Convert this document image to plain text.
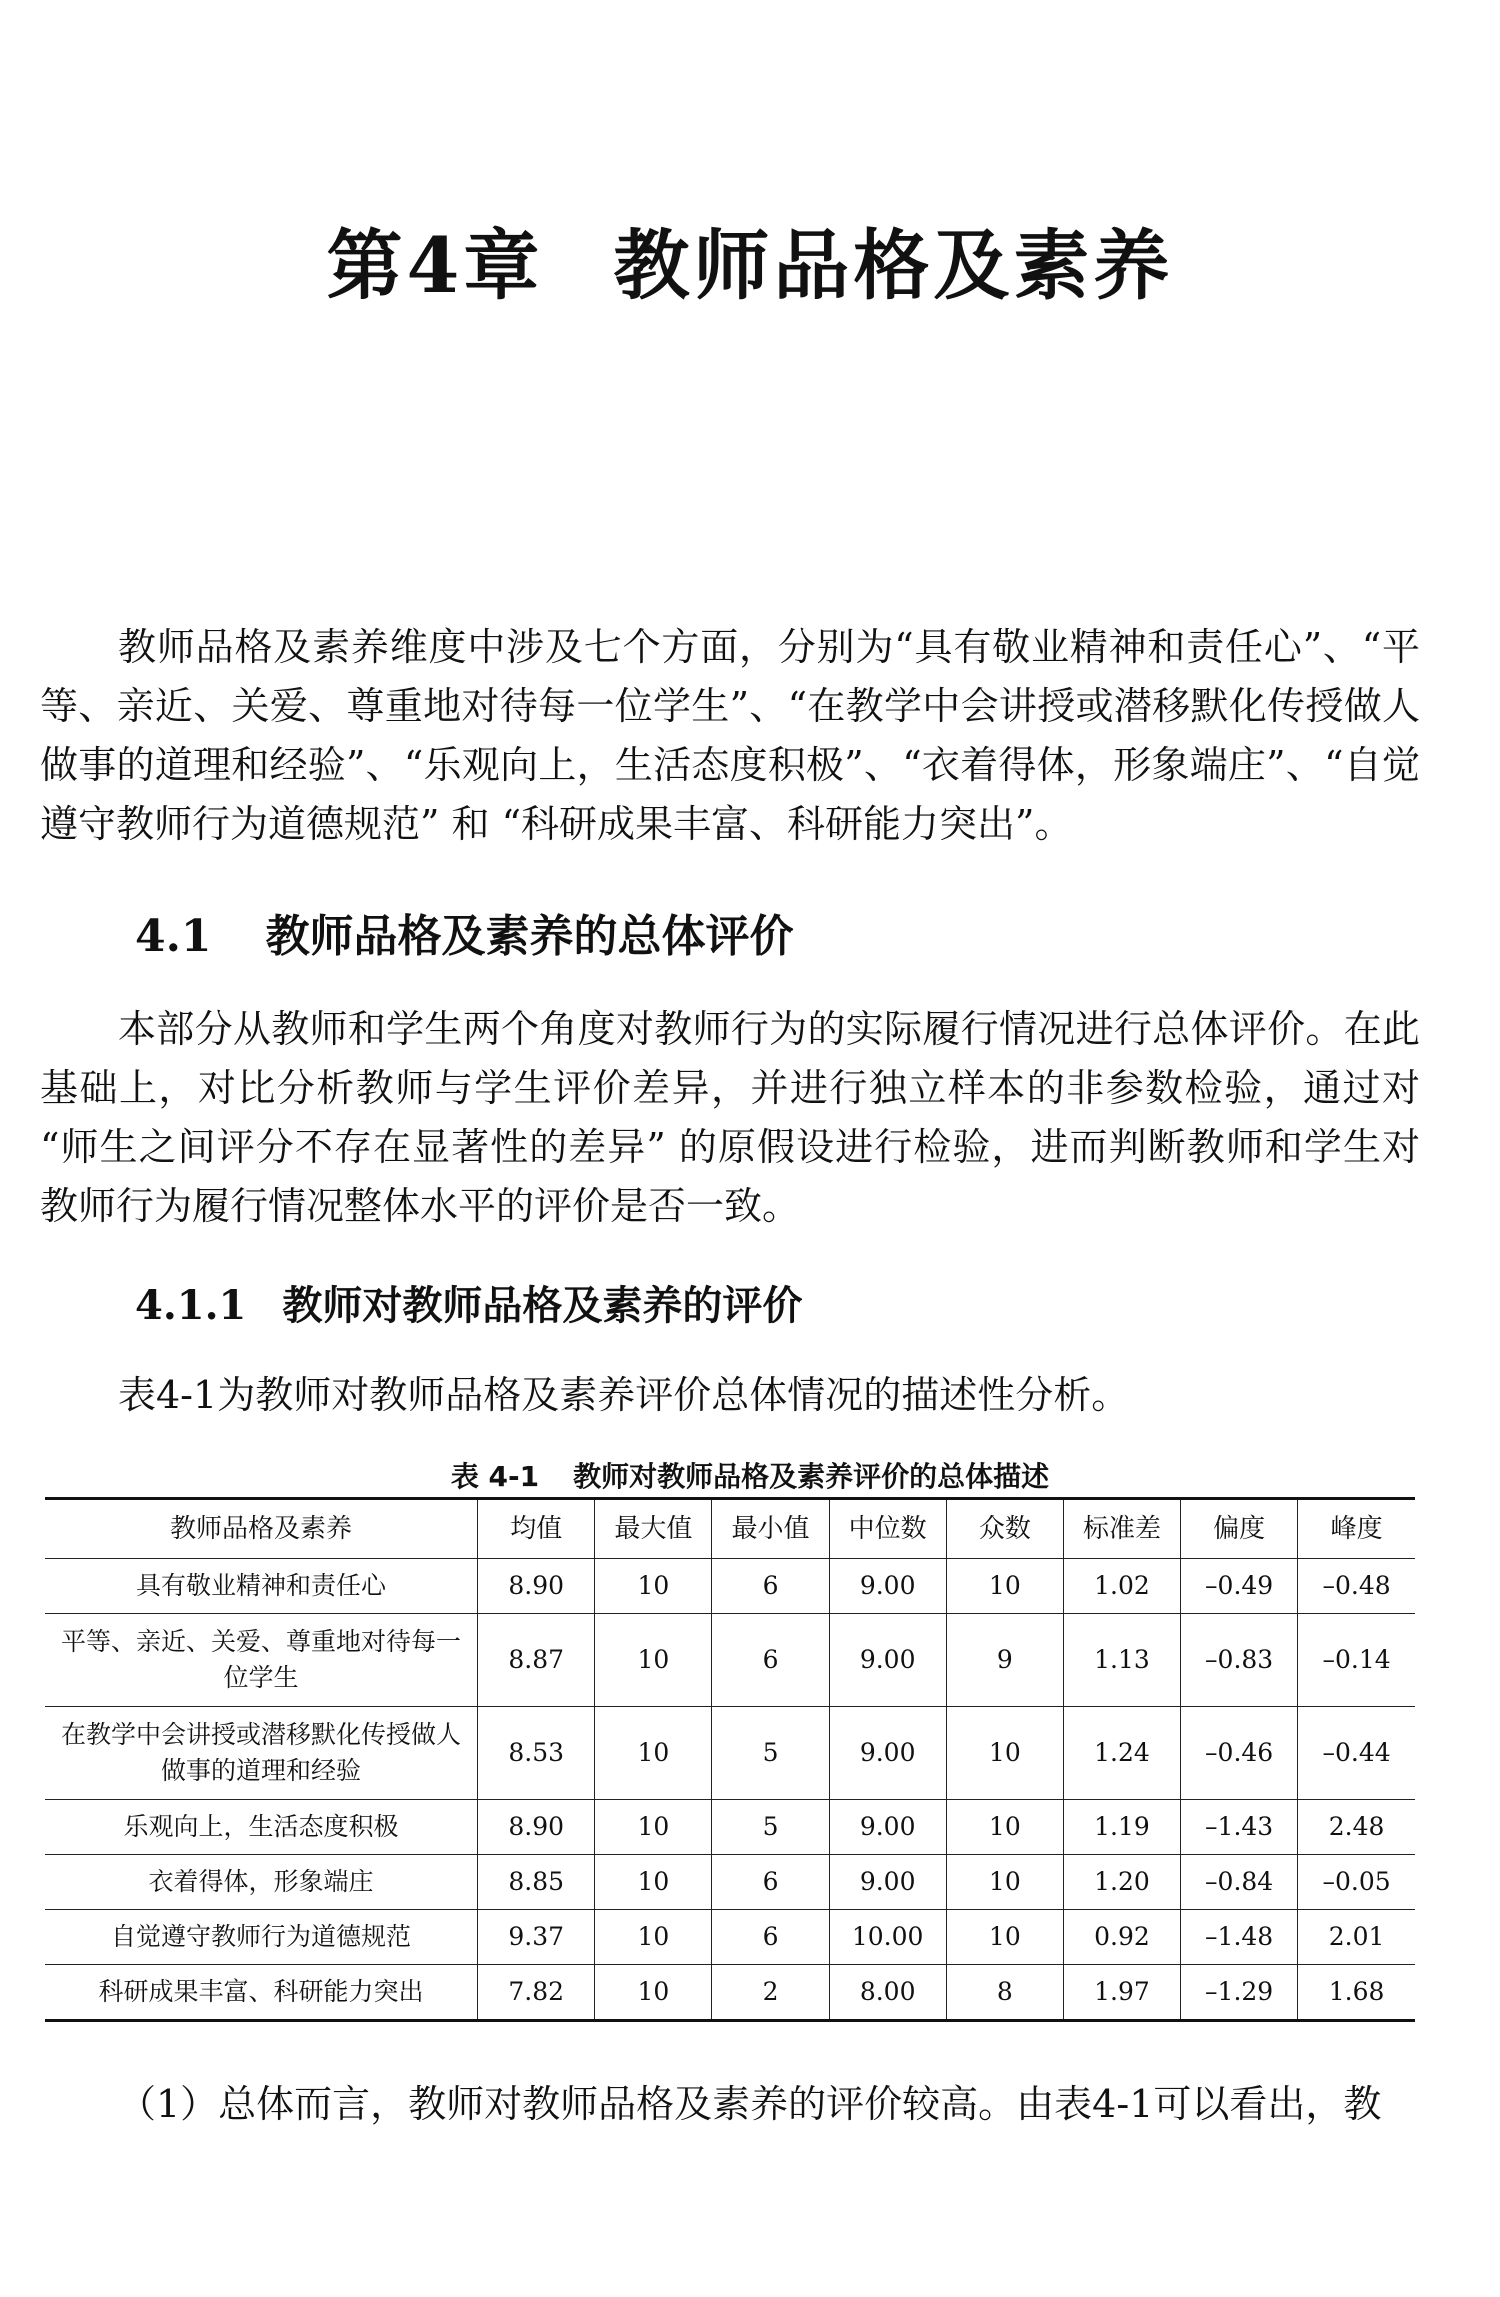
第4章 教师品格及素养

教师品格及素养维度中涉及七个方面，分别为“具有敬业精神和责任心”、“平等、亲近、关爱、尊重地对待每一位学生”、“在教学中会讲授或潜移默化传授做人做事的道理和经验”、“乐观向上，生活态度积极”、“衣着得体，形象端庄”、“自觉遵守教师行为道德规范” 和 “科研成果丰富、科研能力突出”。

4.1 教师品格及素养的总体评价

本部分从教师和学生两个角度对教师行为的实际履行情况进行总体评价。在此基础上，对比分析教师与学生评价差异，并进行独立样本的非参数检验，通过对 “师生之间评分不存在显著性的差异” 的原假设进行检验，进而判断教师和学生对教师行为履行情况整体水平的评价是否一致。

4.1.1 教师对教师品格及素养的评价

表4-1为教师对教师品格及素养评价总体情况的描述性分析。

表 4-1 教师对教师品格及素养评价的总体描述
教师品格及素养	均值	最大值	最小值	中位数	众数	标准差	偏度	峰度
具有敬业精神和责任心	8.90	10	6	9.00	10	1.02	–0.49	–0.48
平等、亲近、关爱、尊重地对待每一位学生	8.87	10	6	9.00	9	1.13	–0.83	–0.14
在教学中会讲授或潜移默化传授做人做事的道理和经验	8.53	10	5	9.00	10	1.24	–0.46	–0.44
乐观向上，生活态度积极	8.90	10	5	9.00	10	1.19	–1.43	2.48
衣着得体，形象端庄	8.85	10	6	9.00	10	1.20	–0.84	–0.05
自觉遵守教师行为道德规范	9.37	10	6	10.00	10	0.92	–1.48	2.01
科研成果丰富、科研能力突出	7.82	10	2	8.00	8	1.97	–1.29	1.68

（1）总体而言，教师对教师品格及素养的评价较高。由表4-1可以看出，教
